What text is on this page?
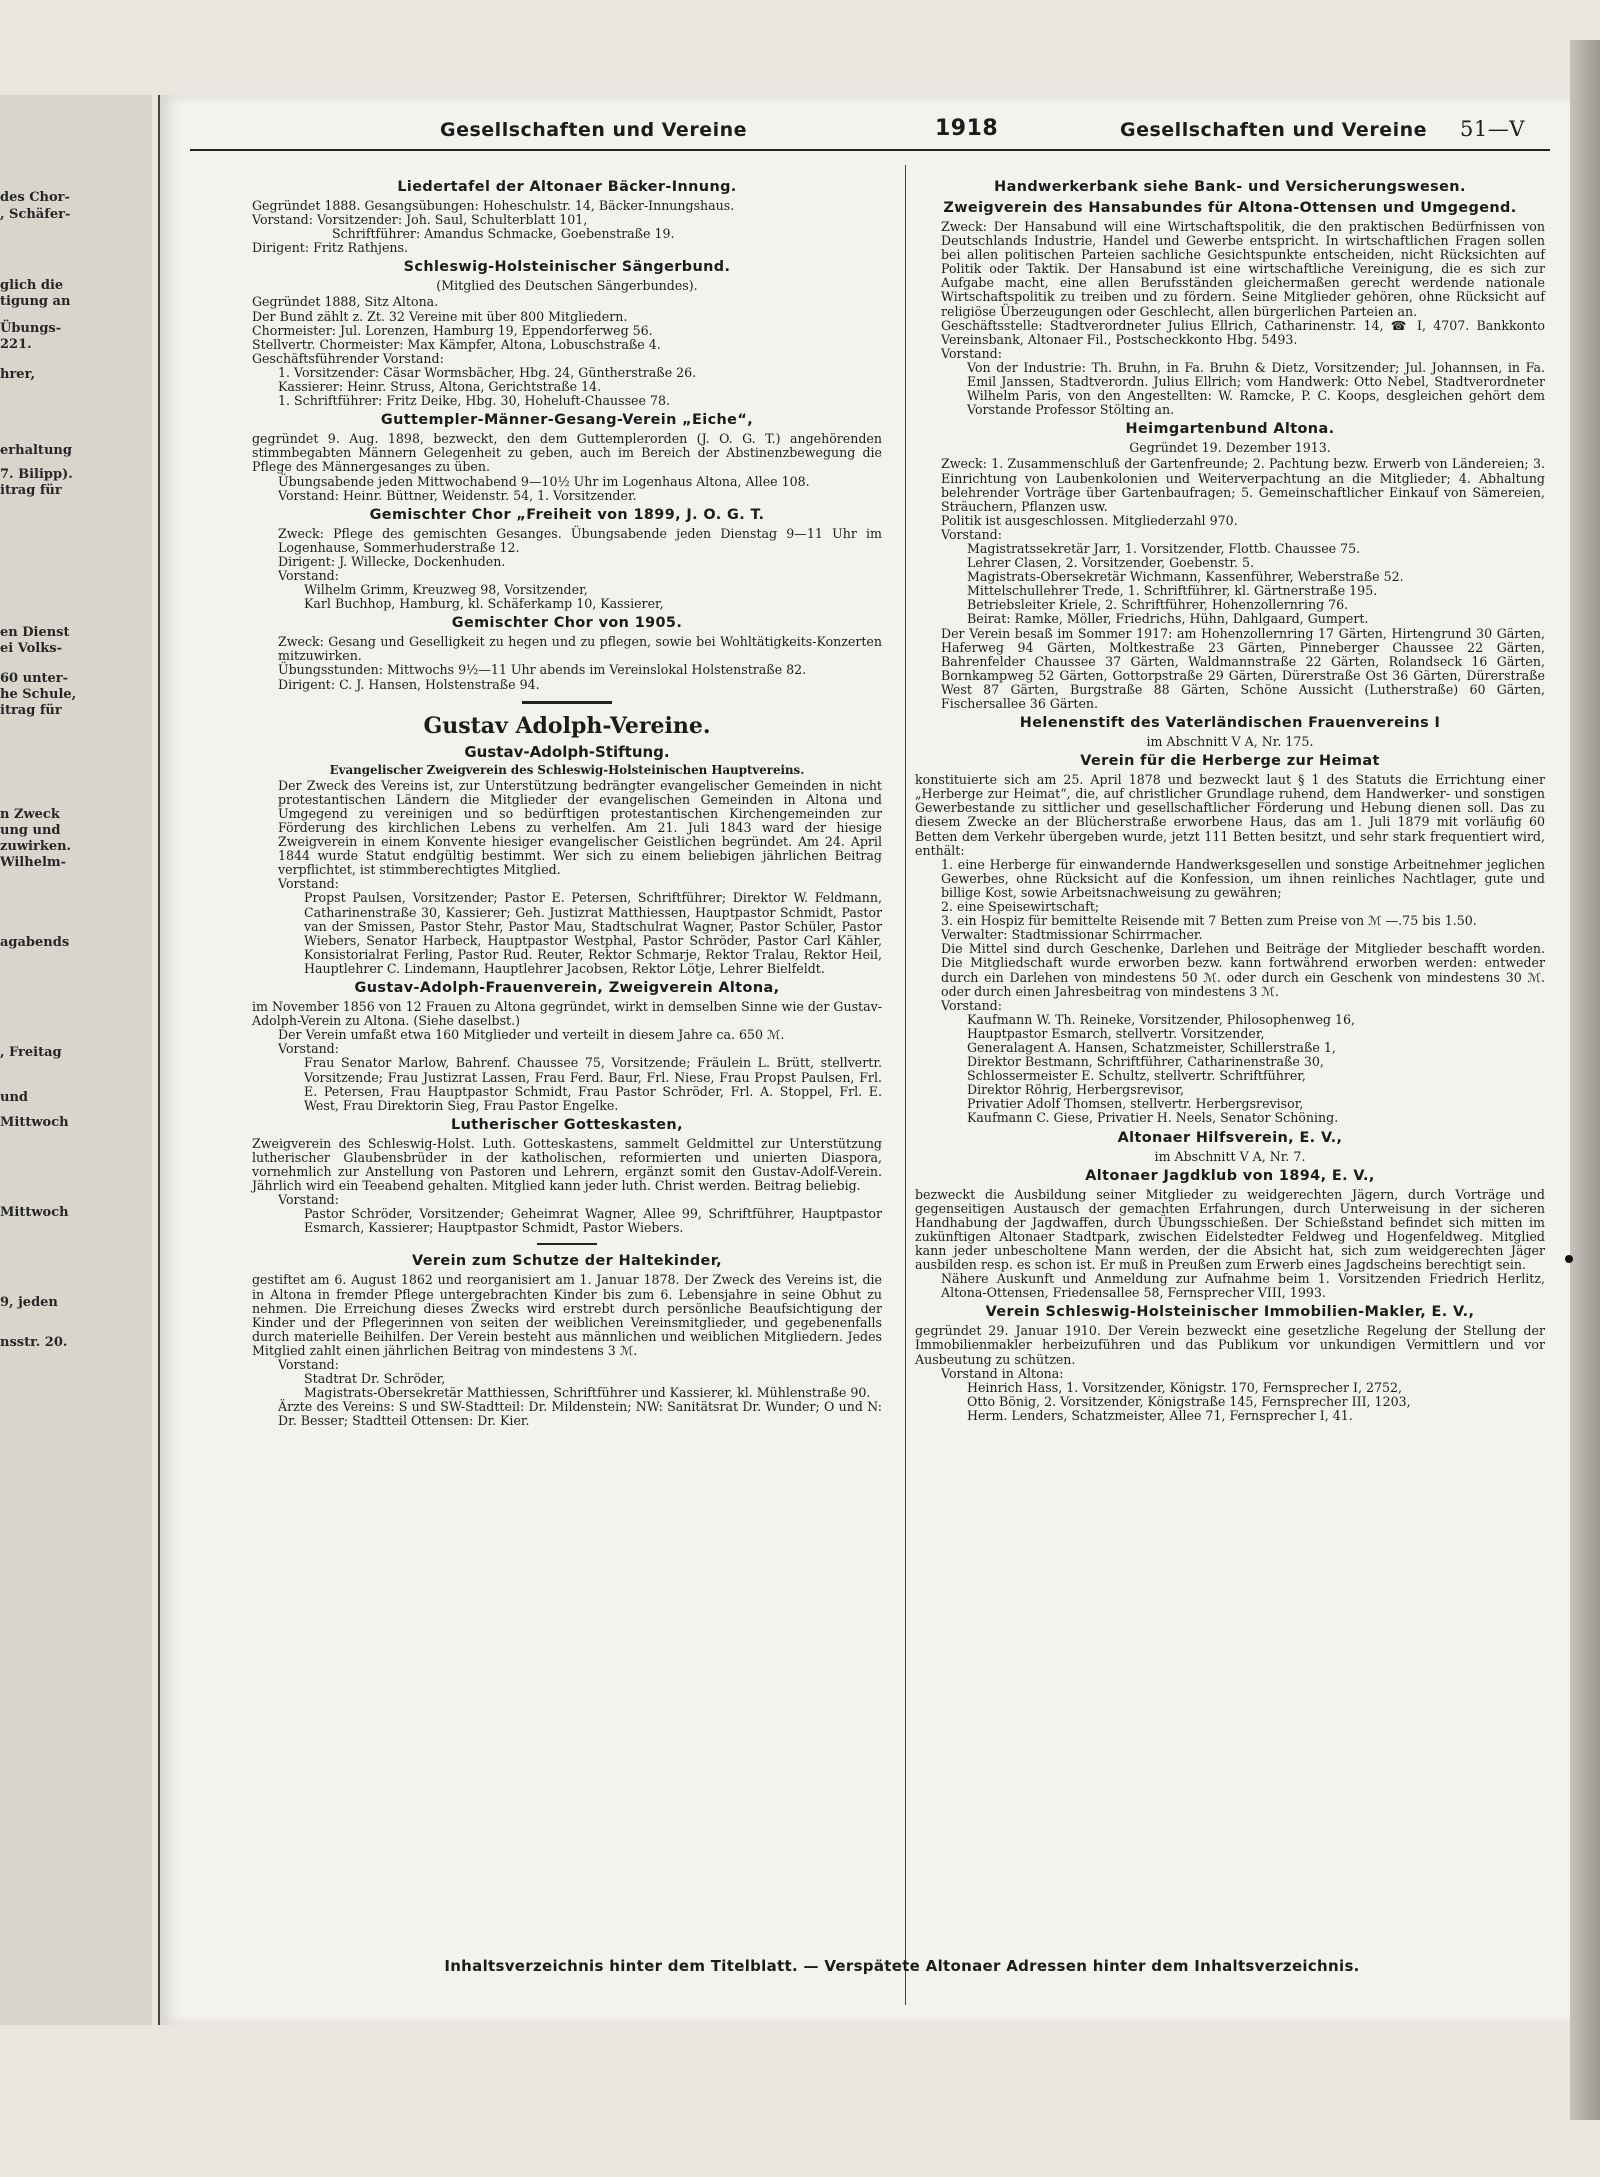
des Chor-
, Schäfer-
glich die
tigung an
Übungs-
221.
hrer,
erhaltung
7. Bilipp).
itrag für
en Dienst
ei Volks-
60 unter-
he Schule,
itrag für
n Zweck
ung und
zuwirken.
Wilhelm-
agabends
, Freitag
und
Mittwoch
Mittwoch
9, jeden
nsstr. 20.
Gesellschaften und Vereine	1918	Gesellschaften und Vereine 51—V
Liedertafel der Altonaer Bäcker-Innung.

Gegründet 1888. Gesangsübungen: Hoheschulstr. 14, Bäcker-Innungshaus.

Vorstand: Vorsitzender: Joh. Saul, Schulterblatt 101,

Schriftführer: Amandus Schmacke, Goebenstraße 19.

Dirigent: Fritz Rathjens.

Schleswig-Holsteinischer Sängerbund.

(Mitglied des Deutschen Sängerbundes).

Gegründet 1888, Sitz Altona.

Der Bund zählt z. Zt. 32 Vereine mit über 800 Mitgliedern.

Chormeister: Jul. Lorenzen, Hamburg 19, Eppendorferweg 56.

Stellvertr. Chormeister: Max Kämpfer, Altona, Lobuschstraße 4.

Geschäftsführender Vorstand:

1. Vorsitzender: Cäsar Wormsbächer, Hbg. 24, Güntherstraße 26.

Kassierer: Heinr. Struss, Altona, Gerichtstraße 14.

1. Schriftführer: Fritz Deike, Hbg. 30, Hoheluft-Chaussee 78.

Guttempler-Männer-Gesang-Verein „Eiche“,

gegründet 9. Aug. 1898, bezweckt, den dem Guttemplerorden (J. O. G. T.) angehörenden stimmbegabten Männern Gelegenheit zu geben, auch im Bereich der Abstinenzbewegung die Pflege des Männergesanges zu üben.

Übungsabende jeden Mittwochabend 9—10½ Uhr im Logenhaus Altona, Allee 108.

Vorstand: Heinr. Büttner, Weidenstr. 54, 1. Vorsitzender.

Gemischter Chor „Freiheit von 1899, J. O. G. T.

Zweck: Pflege des gemischten Gesanges. Übungsabende jeden Dienstag 9—11 Uhr im Logenhause, Sommerhuderstraße 12.

Dirigent: J. Willecke, Dockenhuden.

Vorstand:

Wilhelm Grimm, Kreuzweg 98, Vorsitzender,

Karl Buchhop, Hamburg, kl. Schäferkamp 10, Kassierer,

Gemischter Chor von 1905.

Zweck: Gesang und Geselligkeit zu hegen und zu pflegen, sowie bei Wohltätigkeits-Konzerten mitzuwirken.

Übungsstunden: Mittwochs 9½—11 Uhr abends im Vereinslokal Holstenstraße 82.

Dirigent: C. J. Hansen, Holstenstraße 94.

Gustav Adolph-Vereine.
Gustav-Adolph-Stiftung.

Evangelischer Zweigverein des Schleswig-Holsteinischen Hauptvereins.

Der Zweck des Vereins ist, zur Unterstützung bedrängter evangelischer Gemeinden in nicht protestantischen Ländern die Mitglieder der evangelischen Gemeinden in Altona und Umgegend zu vereinigen und so bedürftigen protestantischen Kirchengemeinden zur Förderung des kirchlichen Lebens zu verhelfen. Am 21. Juli 1843 ward der hiesige Zweigverein in einem Konvente hiesiger evangelischer Geistlichen begründet. Am 24. April 1844 wurde Statut endgültig bestimmt. Wer sich zu einem beliebigen jährlichen Beitrag verpflichtet, ist stimmberechtigtes Mitglied.

Vorstand:

Propst Paulsen, Vorsitzender; Pastor E. Petersen, Schriftführer; Direktor W. Feldmann, Catharinenstraße 30, Kassierer; Geh. Justizrat Matthiessen, Hauptpastor Schmidt, Pastor van der Smissen, Pastor Stehr, Pastor Mau, Stadtschulrat Wagner, Pastor Schüler, Pastor Wiebers, Senator Harbeck, Hauptpastor Westphal, Pastor Schröder, Pastor Carl Kähler, Konsistorialrat Ferling, Pastor Rud. Reuter, Rektor Schmarje, Rektor Tralau, Rektor Heil, Hauptlehrer C. Lindemann, Hauptlehrer Jacobsen, Rektor Lötje, Lehrer Bielfeldt.

Gustav-Adolph-Frauenverein, Zweigverein Altona,

im November 1856 von 12 Frauen zu Altona gegründet, wirkt in demselben Sinne wie der Gustav-Adolph-Verein zu Altona. (Siehe daselbst.)

Der Verein umfaßt etwa 160 Mitglieder und verteilt in diesem Jahre ca. 650 ℳ.

Vorstand:

Frau Senator Marlow, Bahrenf. Chaussee 75, Vorsitzende; Fräulein L. Brütt, stellvertr. Vorsitzende; Frau Justizrat Lassen, Frau Ferd. Baur, Frl. Niese, Frau Propst Paulsen, Frl. E. Petersen, Frau Hauptpastor Schmidt, Frau Pastor Schröder, Frl. A. Stoppel, Frl. E. West, Frau Direktorin Sieg, Frau Pastor Engelke.

Lutherischer Gotteskasten,

Zweigverein des Schleswig-Holst. Luth. Gotteskastens, sammelt Geldmittel zur Unterstützung lutherischer Glaubensbrüder in der katholischen, reformierten und unierten Diaspora, vornehmlich zur Anstellung von Pastoren und Lehrern, ergänzt somit den Gustav-Adolf-Verein. Jährlich wird ein Teeabend gehalten. Mitglied kann jeder luth. Christ werden. Beitrag beliebig.

Vorstand:

Pastor Schröder, Vorsitzender; Geheimrat Wagner, Allee 99, Schriftführer, Hauptpastor Esmarch, Kassierer; Hauptpastor Schmidt, Pastor Wiebers.

Verein zum Schutze der Haltekinder,

gestiftet am 6. August 1862 und reorganisiert am 1. Januar 1878. Der Zweck des Vereins ist, die in Altona in fremder Pflege untergebrachten Kinder bis zum 6. Lebensjahre in seine Obhut zu nehmen. Die Erreichung dieses Zwecks wird erstrebt durch persönliche Beaufsichtigung der Kinder und der Pflegerinnen von seiten der weiblichen Vereinsmitglieder, und gegebenenfalls durch materielle Beihilfen. Der Verein besteht aus männlichen und weiblichen Mitgliedern. Jedes Mitglied zahlt einen jährlichen Beitrag von mindestens 3 ℳ.

Vorstand:

Stadtrat Dr. Schröder,

Magistrats-Obersekretär Matthiessen, Schriftführer und Kassierer, kl. Mühlenstraße 90.

Ärzte des Vereins: S und SW-Stadtteil: Dr. Mildenstein; NW: Sanitätsrat Dr. Wunder; O und N: Dr. Besser; Stadtteil Ottensen: Dr. Kier.

Handwerkerbank siehe Bank- und Versicherungswesen.
Zweigverein des Hansabundes für Altona-Ottensen und Umgegend.

Zweck: Der Hansabund will eine Wirtschaftspolitik, die den praktischen Bedürfnissen von Deutschlands Industrie, Handel und Gewerbe entspricht. In wirtschaftlichen Fragen sollen bei allen politischen Parteien sachliche Gesichtspunkte entscheiden, nicht Rücksichten auf Politik oder Taktik. Der Hansabund ist eine wirtschaftliche Vereinigung, die es sich zur Aufgabe macht, eine allen Berufsständen gleichermaßen gerecht werdende nationale Wirtschaftspolitik zu treiben und zu fördern. Seine Mitglieder gehören, ohne Rücksicht auf religiöse Überzeugungen oder Geschlecht, allen bürgerlichen Parteien an.

Geschäftsstelle: Stadtverordneter Julius Ellrich, Catharinenstr. 14, ☎ I, 4707. Bankkonto Vereinsbank, Altonaer Fil., Postscheckkonto Hbg. 5493.

Vorstand:

Von der Industrie: Th. Bruhn, in Fa. Bruhn & Dietz, Vorsitzender; Jul. Johannsen, in Fa. Emil Janssen, Stadtverordn. Julius Ellrich; vom Handwerk: Otto Nebel, Stadtverordneter Wilhelm Paris, von den Angestellten: W. Ramcke, P. C. Koops, desgleichen gehört dem Vorstande Professor Stölting an.

Heimgartenbund Altona.

Gegründet 19. Dezember 1913.

Zweck: 1. Zusammenschluß der Gartenfreunde; 2. Pachtung bezw. Erwerb von Ländereien; 3. Einrichtung von Laubenkolonien und Weiterverpachtung an die Mitglieder; 4. Abhaltung belehrender Vorträge über Gartenbaufragen; 5. Gemeinschaftlicher Einkauf von Sämereien, Sträuchern, Pflanzen usw.

Politik ist ausgeschlossen. Mitgliederzahl 970.

Vorstand:

Magistratssekretär Jarr, 1. Vorsitzender, Flottb. Chaussee 75.

Lehrer Clasen, 2. Vorsitzender, Goebenstr. 5.

Magistrats-Obersekretär Wichmann, Kassenführer, Weberstraße 52.

Mittelschullehrer Trede, 1. Schriftführer, kl. Gärtnerstraße 195.

Betriebsleiter Kriele, 2. Schriftführer, Hohenzollernring 76.

Beirat: Ramke, Möller, Friedrichs, Hühn, Dahlgaard, Gumpert.

Der Verein besaß im Sommer 1917: am Hohenzollernring 17 Gärten, Hirtengrund 30 Gärten, Haferweg 94 Gärten, Moltkestraße 23 Gärten, Pinneberger Chaussee 22 Gärten, Bahrenfelder Chaussee 37 Gärten, Waldmannstraße 22 Gärten, Rolandseck 16 Gärten, Bornkampweg 52 Gärten, Gottorpstraße 29 Gärten, Dürerstraße Ost 36 Gärten, Dürerstraße West 87 Gärten, Burgstraße 88 Gärten, Schöne Aussicht (Lutherstraße) 60 Gärten, Fischersallee 36 Gärten.

Helenenstift des Vaterländischen Frauenvereins I

im Abschnitt V A, Nr. 175.

Verein für die Herberge zur Heimat

konstituierte sich am 25. April 1878 und bezweckt laut § 1 des Statuts die Errichtung einer „Herberge zur Heimat“, die, auf christlicher Grundlage ruhend, dem Handwerker- und sonstigen Gewerbestande zu sittlicher und gesellschaftlicher Förderung und Hebung dienen soll. Das zu diesem Zwecke an der Blücherstraße erworbene Haus, das am 1. Juli 1879 mit vorläufig 60 Betten dem Verkehr übergeben wurde, jetzt 111 Betten besitzt, und sehr stark frequentiert wird, enthält:

1. eine Herberge für einwandernde Handwerksgesellen und sonstige Arbeitnehmer jeglichen Gewerbes, ohne Rücksicht auf die Konfession, um ihnen reinliches Nachtlager, gute und billige Kost, sowie Arbeitsnachweisung zu gewähren;

2. eine Speisewirtschaft;

3. ein Hospiz für bemittelte Reisende mit 7 Betten zum Preise von ℳ —.75 bis 1.50.

Verwalter: Stadtmissionar Schirrmacher.

Die Mittel sind durch Geschenke, Darlehen und Beiträge der Mitglieder beschafft worden. Die Mitgliedschaft wurde erworben bezw. kann fortwährend erworben werden: entweder durch ein Darlehen von mindestens 50 ℳ. oder durch ein Geschenk von mindestens 30 ℳ. oder durch einen Jahresbeitrag von mindestens 3 ℳ.

Vorstand:

Kaufmann W. Th. Reineke, Vorsitzender, Philosophenweg 16,

Hauptpastor Esmarch, stellvertr. Vorsitzender,

Generalagent A. Hansen, Schatzmeister, Schillerstraße 1,

Direktor Bestmann, Schriftführer, Catharinenstraße 30,

Schlossermeister E. Schultz, stellvertr. Schriftführer,

Direktor Röhrig, Herbergsrevisor,

Privatier Adolf Thomsen, stellvertr. Herbergsrevisor,

Kaufmann C. Giese, Privatier H. Neels, Senator Schöning.

Altonaer Hilfsverein, E. V.,

im Abschnitt V A, Nr. 7.

Altonaer Jagdklub von 1894, E. V.,

bezweckt die Ausbildung seiner Mitglieder zu weidgerechten Jägern, durch Vorträge und gegenseitigen Austausch der gemachten Erfahrungen, durch Unterweisung in der sicheren Handhabung der Jagdwaffen, durch Übungsschießen. Der Schießstand befindet sich mitten im zukünftigen Altonaer Stadtpark, zwischen Eidelstedter Feldweg und Hogenfeldweg. Mitglied kann jeder unbescholtene Mann werden, der die Absicht hat, sich zum weidgerechten Jäger ausbilden resp. es schon ist. Er muß in Preußen zum Erwerb eines Jagdscheins berechtigt sein.

Nähere Auskunft und Anmeldung zur Aufnahme beim 1. Vorsitzenden Friedrich Herlitz, Altona-Ottensen, Friedensallee 58, Fernsprecher VIII, 1993.

Verein Schleswig-Holsteinischer Immobilien-Makler, E. V.,

gegründet 29. Januar 1910. Der Verein bezweckt eine gesetzliche Regelung der Stellung der Immobilienmakler herbeizuführen und das Publikum vor unkundigen Vermittlern und vor Ausbeutung zu schützen.

Vorstand in Altona:

Heinrich Hass, 1. Vorsitzender, Königstr. 170, Fernsprecher I, 2752,

Otto Bönig, 2. Vorsitzender, Königstraße 145, Fernsprecher III, 1203,

Herm. Lenders, Schatzmeister, Allee 71, Fernsprecher I, 41.

Inhaltsverzeichnis hinter dem Titelblatt. — Verspätete Altonaer Adressen hinter dem Inhaltsverzeichnis.
